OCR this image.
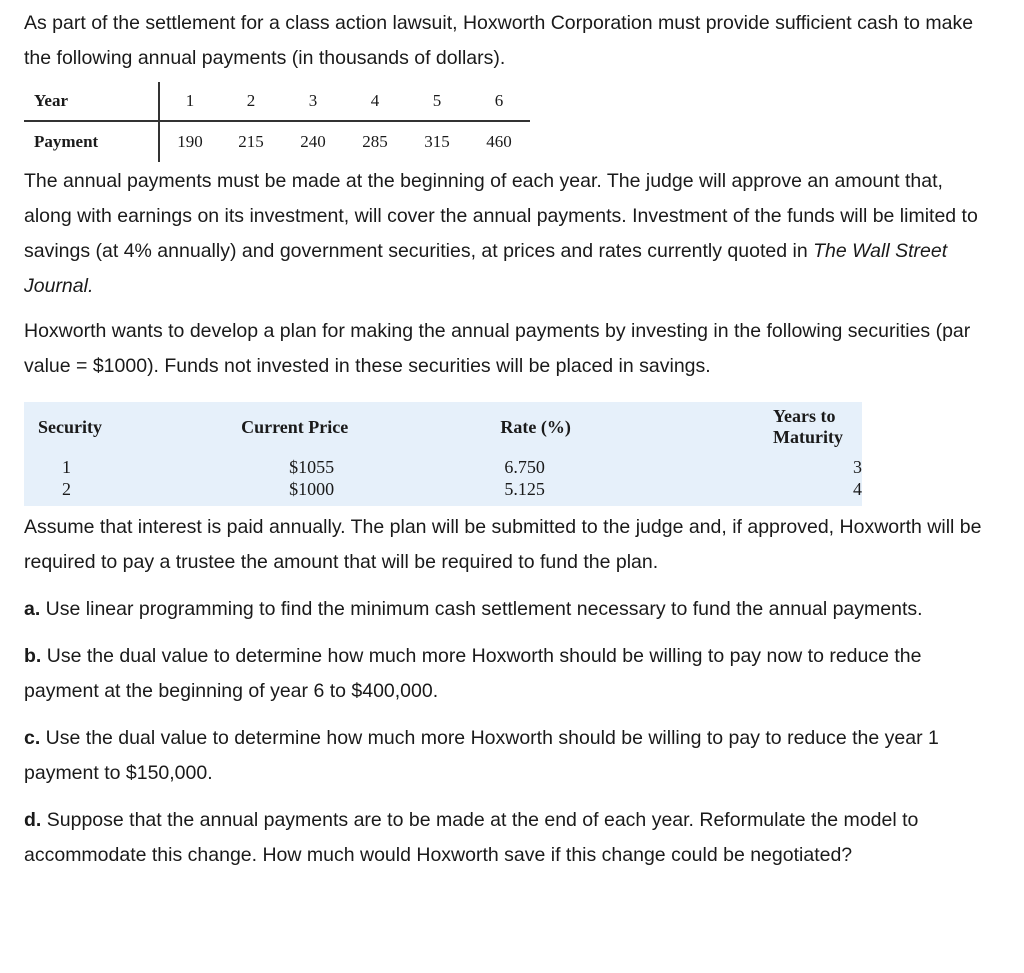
As part of the settlement for a class action lawsuit, Hoxworth Corporation must provide sufficient cash to make the following annual payments (in thousands of dollars).

Year	1	2	3	4	5	6
Payment	190	215	240	285	315	460

The annual payments must be made at the beginning of each year. The judge will approve an amount that, along with earnings on its investment, will cover the annual payments. Investment of the funds will be limited to savings (at 4% annually) and government securities, at prices and rates currently quoted in The Wall Street Journal.

Hoxworth wants to develop a plan for making the annual payments by investing in the following securities (par value = $1000). Funds not invested in these securities will be placed in savings.

Security	Current Price	Rate (%)	Years to Maturity
1	$1055	6.750	3
2	$1000	5.125	4

Assume that interest is paid annually. The plan will be submitted to the judge and, if approved, Hoxworth will be required to pay a trustee the amount that will be required to fund the plan.

a. Use linear programming to find the minimum cash settlement necessary to fund the annual payments.

b. Use the dual value to determine how much more Hoxworth should be willing to pay now to reduce the payment at the beginning of year 6 to $400,000.

c. Use the dual value to determine how much more Hoxworth should be willing to pay to reduce the year 1 payment to $150,000.

d. Suppose that the annual payments are to be made at the end of each year. Reformulate the model to accommodate this change. How much would Hoxworth save if this change could be negotiated?
